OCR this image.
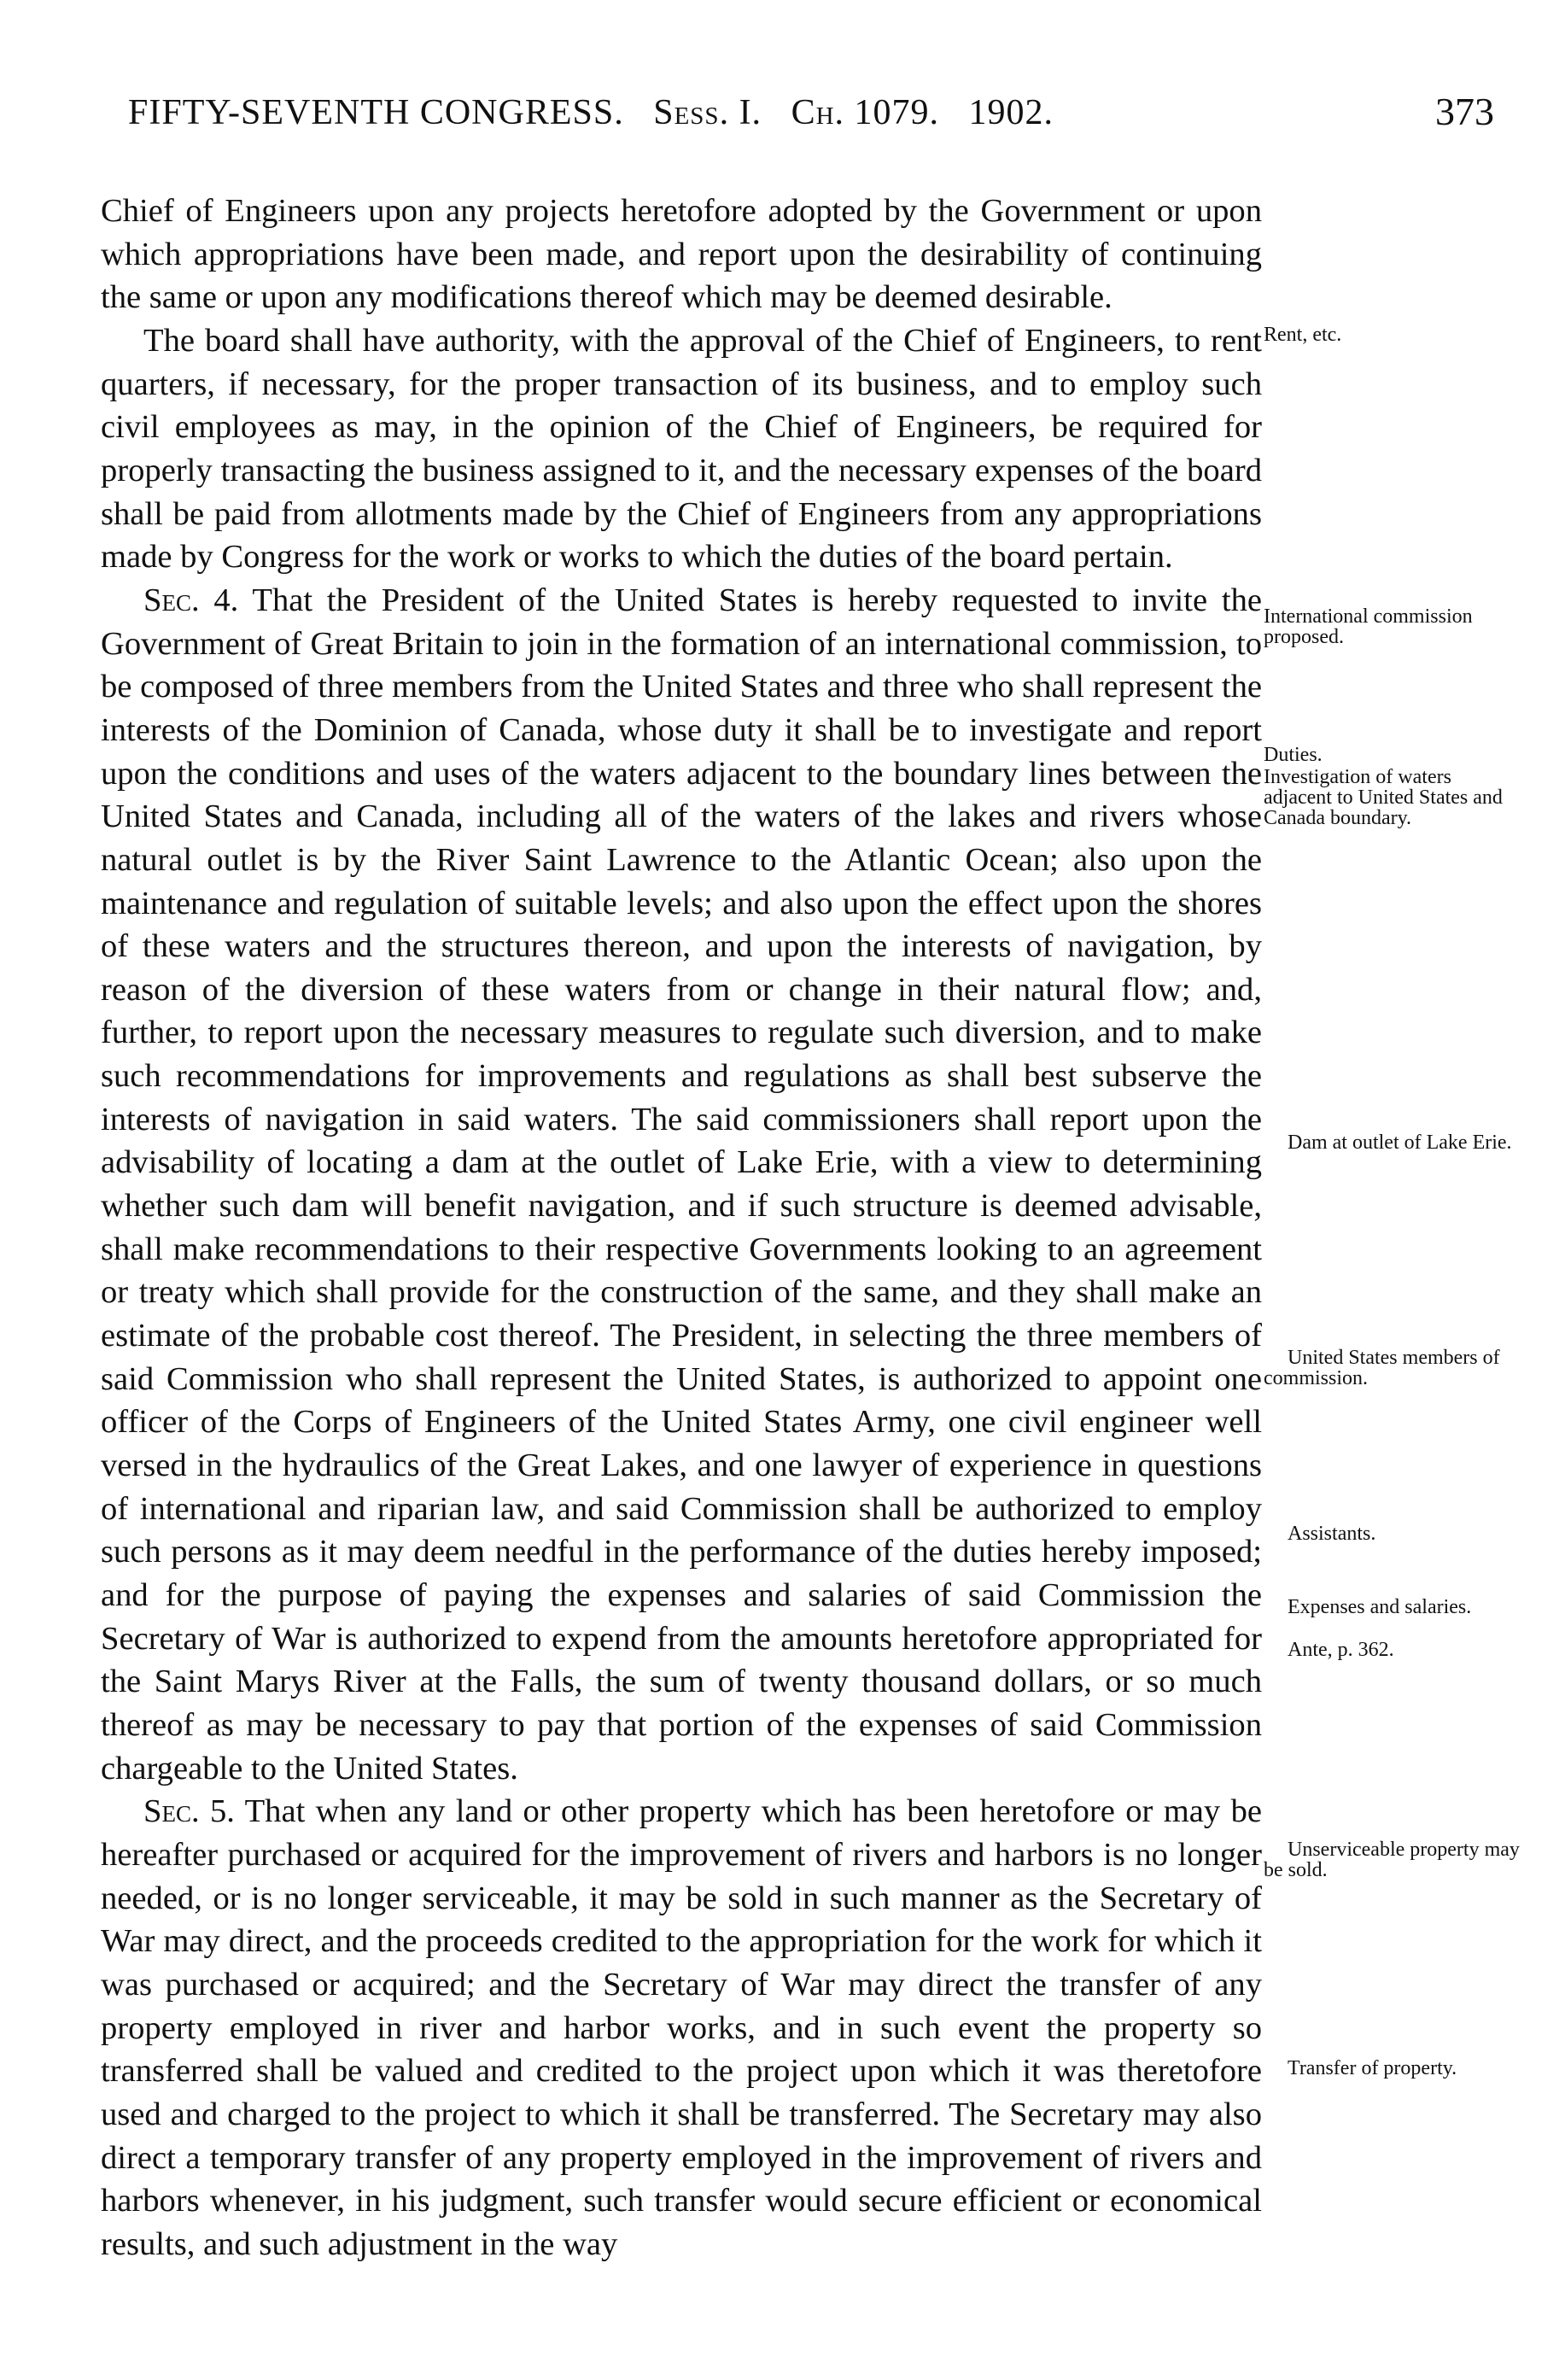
FIFTY-SEVENTH CONGRESS. Sess. I. Ch. 1079. 1902.	373

Chief of Engineers upon any projects heretofore adopted by the Government or upon which appropriations have been made, and report upon the desirability of continuing the same or upon any modifications thereof which may be deemed desirable.

The board shall have authority, with the approval of the Chief of Engineers, to rent quarters, if necessary, for the proper transaction of its business, and to employ such civil employees as may, in the opinion of the Chief of Engineers, be required for properly transacting the business assigned to it, and the necessary expenses of the board shall be paid from allotments made by the Chief of Engineers from any appropriations made by Congress for the work or works to which the duties of the board pertain.

Sec. 4. That the President of the United States is hereby requested to invite the Government of Great Britain to join in the formation of an international commission, to be composed of three members from the United States and three who shall represent the interests of the Dominion of Canada, whose duty it shall be to investigate and report upon the conditions and uses of the waters adjacent to the boundary lines between the United States and Canada, including all of the waters of the lakes and rivers whose natural outlet is by the River Saint Lawrence to the Atlantic Ocean; also upon the maintenance and regulation of suitable levels; and also upon the effect upon the shores of these waters and the structures thereon, and upon the interests of navigation, by reason of the diversion of these waters from or change in their natural flow; and, further, to report upon the necessary measures to regulate such diversion, and to make such recommendations for improvements and regulations as shall best subserve the interests of navigation in said waters. The said commissioners shall report upon the advisability of locating a dam at the outlet of Lake Erie, with a view to determining whether such dam will benefit navigation, and if such structure is deemed advisable, shall make recommendations to their respective Governments looking to an agreement or treaty which shall provide for the construction of the same, and they shall make an estimate of the probable cost thereof. The President, in selecting the three members of said Commission who shall represent the United States, is authorized to appoint one officer of the Corps of Engineers of the United States Army, one civil engineer well versed in the hydraulics of the Great Lakes, and one lawyer of experience in questions of international and riparian law, and said Commission shall be authorized to employ such persons as it may deem needful in the performance of the duties hereby imposed; and for the purpose of paying the expenses and salaries of said Commission the Secretary of War is authorized to expend from the amounts heretofore appropriated for the Saint Marys River at the Falls, the sum of twenty thousand dollars, or so much thereof as may be necessary to pay that portion of the expenses of said Commission chargeable to the United States.

Sec. 5. That when any land or other property which has been heretofore or may be hereafter purchased or acquired for the improvement of rivers and harbors is no longer needed, or is no longer serviceable, it may be sold in such manner as the Secretary of War may direct, and the proceeds credited to the appropriation for the work for which it was purchased or acquired; and the Secretary of War may direct the transfer of any property employed in river and harbor works, and in such event the property so transferred shall be valued and credited to the project upon which it was theretofore used and charged to the project to which it shall be transferred. The Secretary may also direct a temporary transfer of any property employed in the improvement of rivers and harbors whenever, in his judgment, such transfer would secure efficient or economical results, and such adjustment in the way

Rent, etc.
International commission proposed.
Duties.
Investigation of waters adjacent to United States and Canada boundary.
Dam at outlet of Lake Erie.
United States members of commission.
Assistants.
Expenses and salaries.
Ante, p. 362.
Unserviceable property may be sold.
Transfer of property.
